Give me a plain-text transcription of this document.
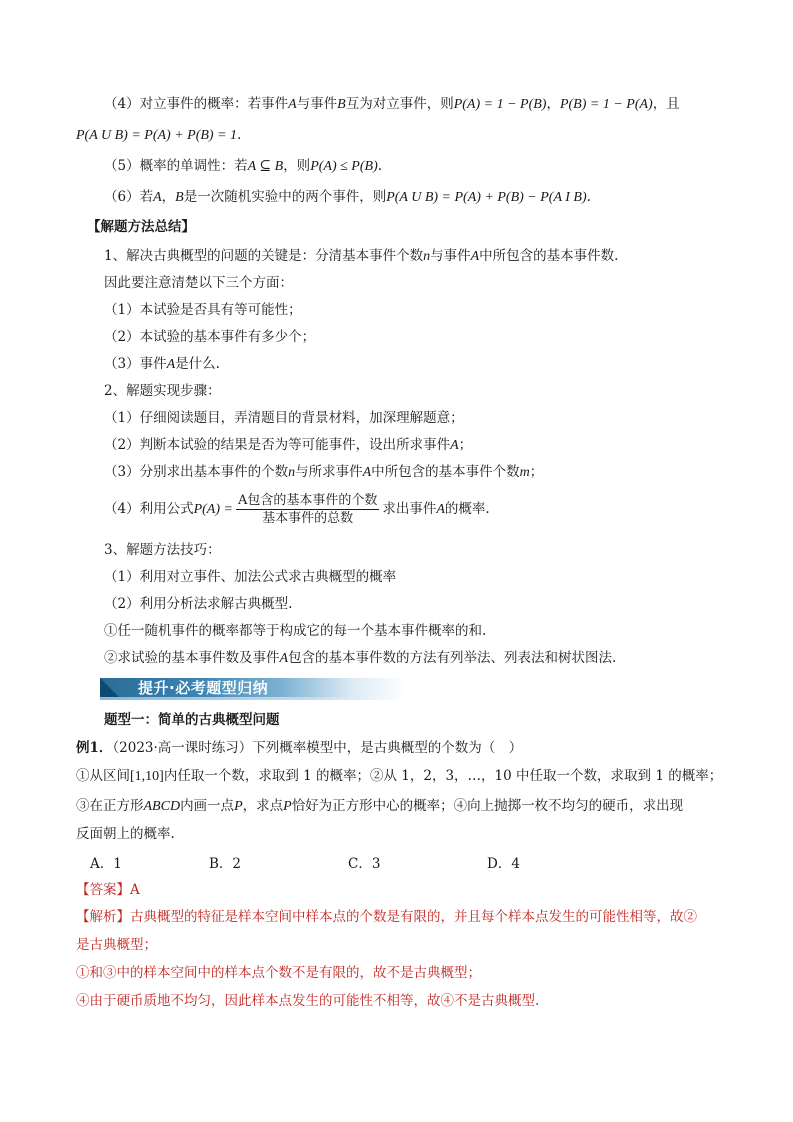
（4）对立事件的概率：若事件A与事件B互为对立事件，则P(A) = 1 − P(B)，P(B) = 1 − P(A)，且
P(A U B) = P(A) + P(B) = 1.
（5）概率的单调性：若A ⊆ B，则P(A) ≤ P(B).
（6）若A，B是一次随机实验中的两个事件，则P(A U B) = P(A) + P(B) − P(A I B).
【解题方法总结】
1、解决古典概型的问题的关键是：分清基本事件个数n与事件A中所包含的基本事件数.
因此要注意清楚以下三个方面：
（1）本试验是否具有等可能性；
（2）本试验的基本事件有多少个；
（3）事件A是什么.
2、解题实现步骤：
（1）仔细阅读题目，弄清题目的背景材料，加深理解题意；
（2）判断本试验的结果是否为等可能事件，设出所求事件A；
（3）分别求出基本事件的个数n与所求事件A中所包含的基本事件个数m；
（4）利用公式$P(A) = \frac{\text{A包含的基本事件的个数}}{\text{基本事件的总数}}$ 求出事件A的概率.
3、解题方法技巧：
（1）利用对立事件、加法公式求古典概型的概率
（2）利用分析法求解古典概型.
①任一随机事件的概率都等于构成它的每一个基本事件概率的和.
②求试验的基本事件数及事件A包含的基本事件数的方法有列举法、列表法和树状图法.
提升·必考题型归纳
题型一：简单的古典概型问题
例1．（2023·高一课时练习）下列概率模型中，是古典概型的个数为（　）
①从区间[1,10]内任取一个数，求取到 1 的概率；②从 1，2，3，…，10 中任取一个数，求取到 1 的概率；
③在正方形ABCD内画一点P，求点P恰好为正方形中心的概率；④向上抛掷一枚不均匀的硬币，求出现
反面朝上的概率.
A．1	B．2	C．3	D．4
【答案】A
【解析】古典概型的特征是样本空间中样本点的个数是有限的，并且每个样本点发生的可能性相等，故②
是古典概型；
①和③中的样本空间中的样本点个数不是有限的，故不是古典概型；
④由于硬币质地不均匀，因此样本点发生的可能性不相等，故④不是古典概型.
